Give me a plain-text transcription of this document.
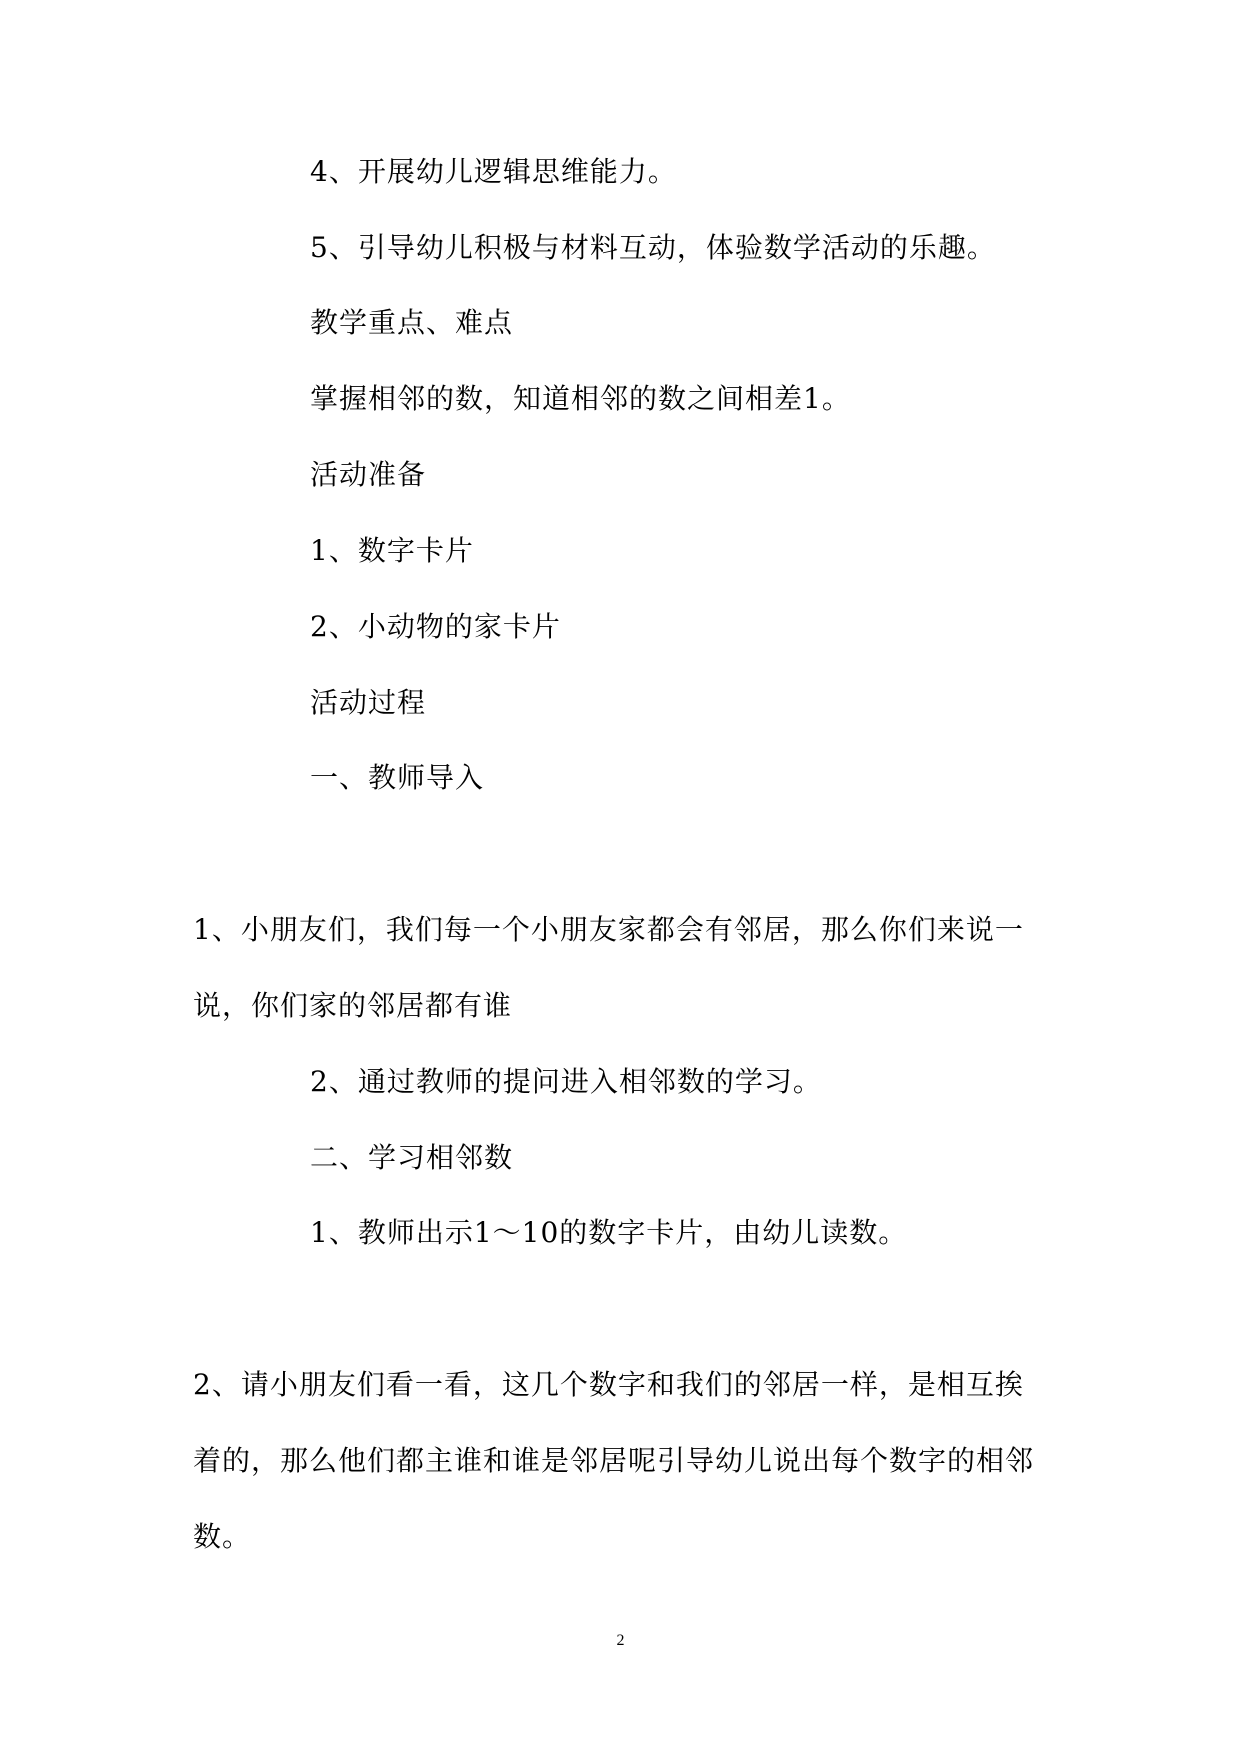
4、开展幼儿逻辑思维能力。
5、引导幼儿积极与材料互动，体验数学活动的乐趣。
教学重点、难点
掌握相邻的数，知道相邻的数之间相差1。
活动准备
1、数字卡片
2、小动物的家卡片
活动过程
一、教师导入
1、小朋友们，我们每一个小朋友家都会有邻居，那么你们来说一
说，你们家的邻居都有谁
2、通过教师的提问进入相邻数的学习。
二、学习相邻数
1、教师出示1～10的数字卡片，由幼儿读数。
2、请小朋友们看一看，这几个数字和我们的邻居一样，是相互挨
着的，那么他们都主谁和谁是邻居呢引导幼儿说出每个数字的相邻
数。
2
